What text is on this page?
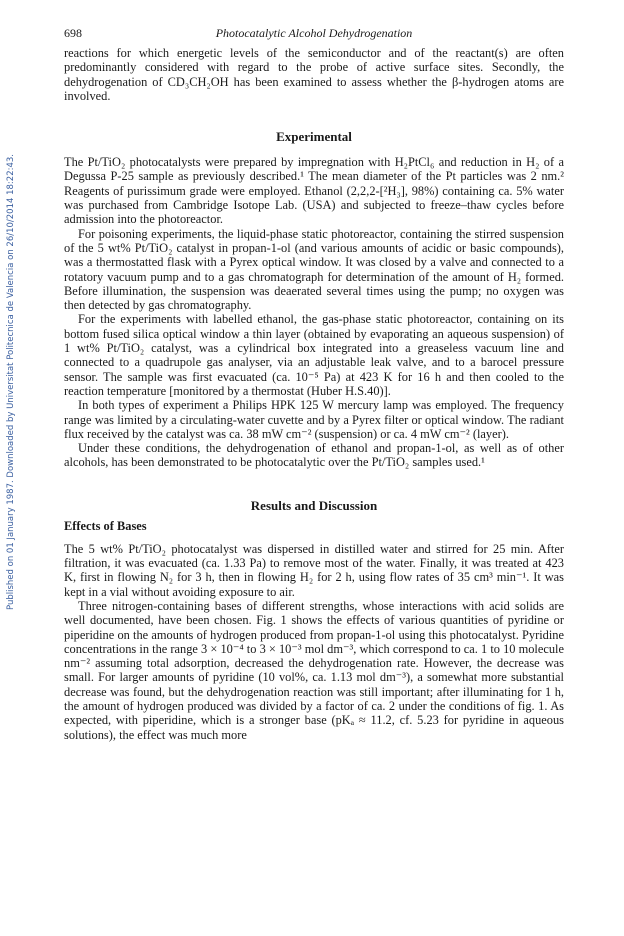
698	Photocatalytic Alcohol Dehydrogenation
Published on 01 January 1987. Downloaded by Universitat Politecnica de Valencia on 26/10/2014 18:22:43.

reactions for which energetic levels of the semiconductor and of the reactant(s) are often predominantly considered with regard to the probe of active surface sites. Secondly, the dehydrogenation of CD₃CH₂OH has been examined to assess whether the β-hydrogen atoms are involved.

Experimental

The Pt/TiO₂ photocatalysts were prepared by impregnation with H₂PtCl₆ and reduction in H₂ of a Degussa P-25 sample as previously described.¹ The mean diameter of the Pt particles was 2 nm.² Reagents of purissimum grade were employed. Ethanol (2,2,2-[²H₃], 98%) containing ca. 5% water was purchased from Cambridge Isotope Lab. (USA) and subjected to freeze–thaw cycles before admission into the photoreactor.

For poisoning experiments, the liquid-phase static photoreactor, containing the stirred suspension of the 5 wt% Pt/TiO₂ catalyst in propan-1-ol (and various amounts of acidic or basic compounds), was a thermostatted flask with a Pyrex optical window. It was closed by a valve and connected to a rotatory vacuum pump and to a gas chromatograph for determination of the amount of H₂ formed. Before illumination, the suspension was deaerated several times using the pump; no oxygen was then detected by gas chromatography.

For the experiments with labelled ethanol, the gas-phase static photoreactor, containing on its bottom fused silica optical window a thin layer (obtained by evaporating an aqueous suspension) of 1 wt% Pt/TiO₂ catalyst, was a cylindrical box integrated into a greaseless vacuum line and connected to a quadrupole gas analyser, via an adjustable leak valve, and to a barocel pressure sensor. The sample was first evacuated (ca. 10⁻⁵ Pa) at 423 K for 16 h and then cooled to the reaction temperature [monitored by a thermostat (Huber H.S.40)].

In both types of experiment a Philips HPK 125 W mercury lamp was employed. The frequency range was limited by a circulating-water cuvette and by a Pyrex filter or optical window. The radiant flux received by the catalyst was ca. 38 mW cm⁻² (suspension) or ca. 4 mW cm⁻² (layer).

Under these conditions, the dehydrogenation of ethanol and propan-1-ol, as well as of other alcohols, has been demonstrated to be photocatalytic over the Pt/TiO₂ samples used.¹

Results and Discussion
Effects of Bases

The 5 wt% Pt/TiO₂ photocatalyst was dispersed in distilled water and stirred for 25 min. After filtration, it was evacuated (ca. 1.33 Pa) to remove most of the water. Finally, it was treated at 423 K, first in flowing N₂ for 3 h, then in flowing H₂ for 2 h, using flow rates of 35 cm³ min⁻¹. It was kept in a vial without avoiding exposure to air.

Three nitrogen-containing bases of different strengths, whose interactions with acid solids are well documented, have been chosen. Fig. 1 shows the effects of various quantities of pyridine or piperidine on the amounts of hydrogen produced from propan-1-ol using this photocatalyst. Pyridine concentrations in the range 3 × 10⁻⁴ to 3 × 10⁻³ mol dm⁻³, which correspond to ca. 1 to 10 molecule nm⁻² assuming total adsorption, decreased the dehydrogenation rate. However, the decrease was small. For larger amounts of pyridine (10 vol%, ca. 1.13 mol dm⁻³), a somewhat more substantial decrease was found, but the dehydrogenation reaction was still important; after illuminating for 1 h, the amount of hydrogen produced was divided by a factor of ca. 2 under the conditions of fig. 1. As expected, with piperidine, which is a stronger base (pKₐ ≈ 11.2, cf. 5.23 for pyridine in aqueous solutions), the effect was much more
